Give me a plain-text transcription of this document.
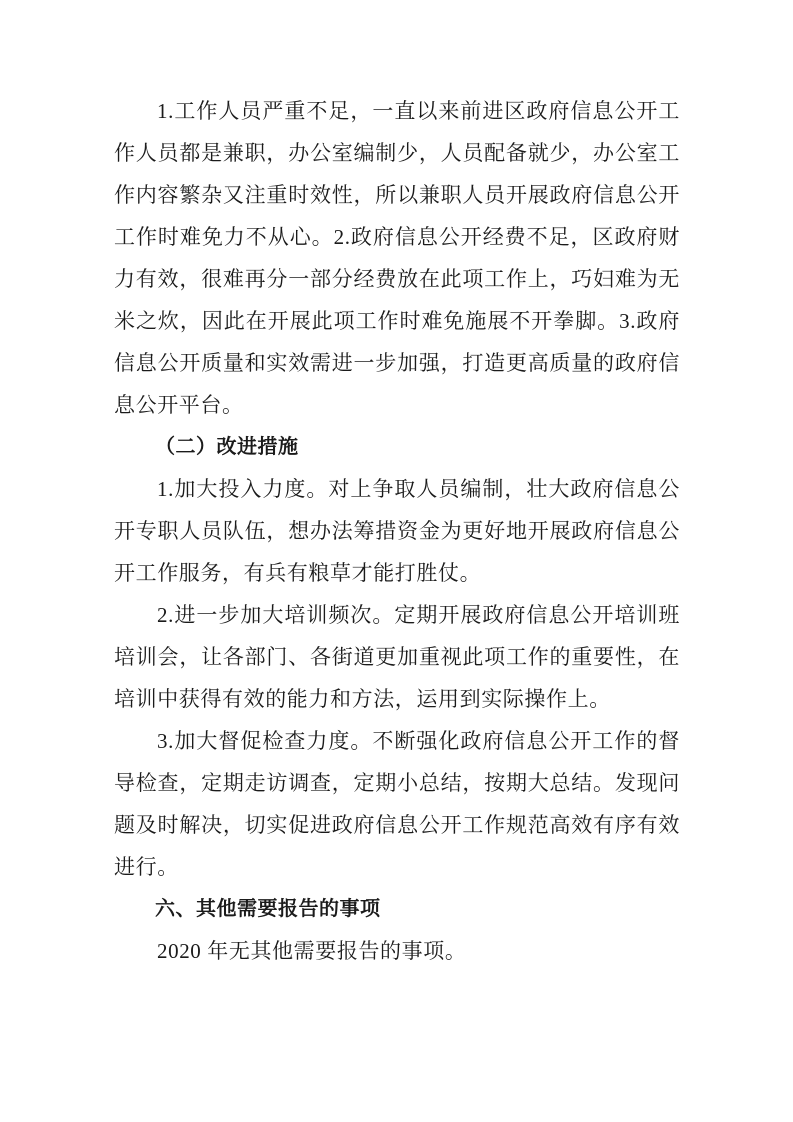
1.工作人员严重不足，一直以来前进区政府信息公开工作人员都是兼职，办公室编制少，人员配备就少，办公室工作内容繁杂又注重时效性，所以兼职人员开展政府信息公开工作时难免力不从心。2.政府信息公开经费不足，区政府财力有效，很难再分一部分经费放在此项工作上，巧妇难为无米之炊，因此在开展此项工作时难免施展不开拳脚。3.政府信息公开质量和实效需进一步加强，打造更高质量的政府信息公开平台。

（二）改进措施

1.加大投入力度。对上争取人员编制，壮大政府信息公开专职人员队伍，想办法筹措资金为更好地开展政府信息公开工作服务，有兵有粮草才能打胜仗。

2.进一步加大培训频次。定期开展政府信息公开培训班培训会，让各部门、各街道更加重视此项工作的重要性，在培训中获得有效的能力和方法，运用到实际操作上。

3.加大督促检查力度。不断强化政府信息公开工作的督导检查，定期走访调查，定期小总结，按期大总结。发现问题及时解决，切实促进政府信息公开工作规范高效有序有效进行。

六、其他需要报告的事项

2020 年无其他需要报告的事项。
